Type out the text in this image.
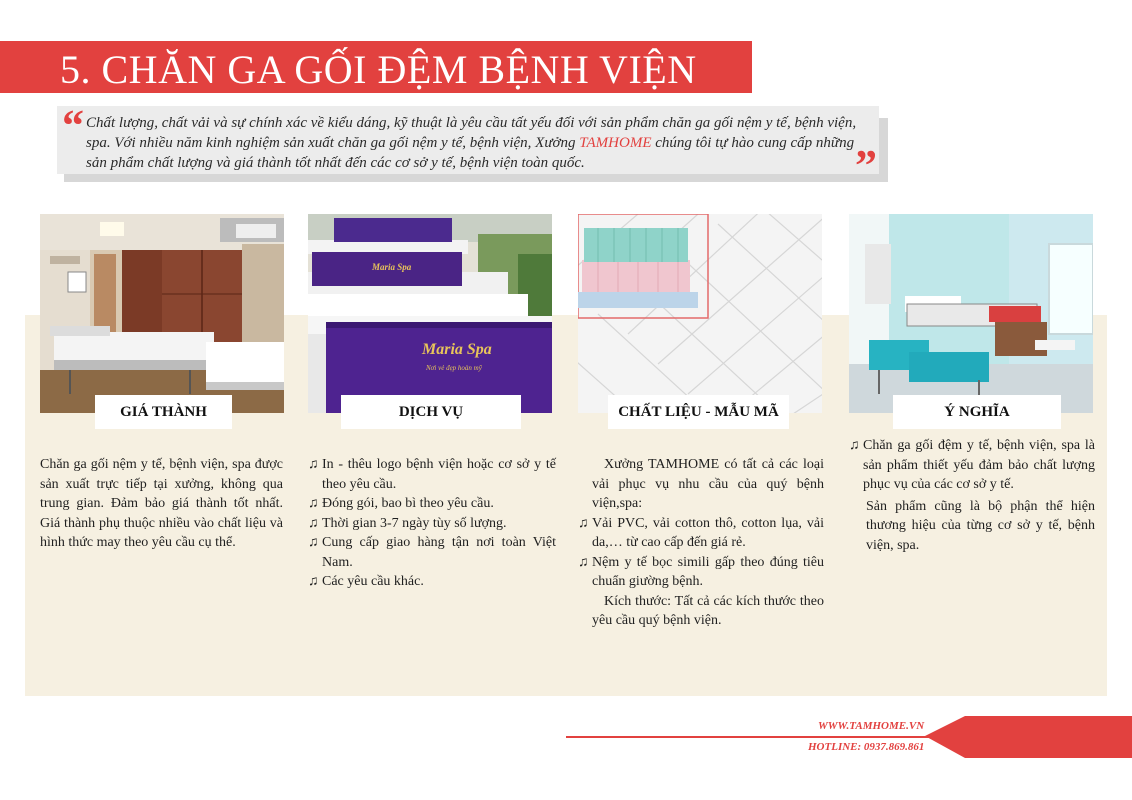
5. CHĂN GA GỐI ĐỆM BỆNH VIỆN
“ Chất lượng, chất vải và sự chính xác về kiểu dáng, kỹ thuật là yêu cầu tất yếu đối với sản phẩm chăn ga gối nệm y tế, bệnh viện, spa. Với nhiều năm kinh nghiệm sản xuất chăn ga gối nệm y tế, bệnh viện, Xưởng TAMHOME chúng tôi tự hào cung cấp những sản phẩm chất lượng và giá thành tốt nhất đến các cơ sở y tế, bệnh viện toàn quốc.	”
Maria Spa
Maria Spa
Nơi vẻ đẹp hoàn mỹ
GIÁ THÀNH	DỊCH VỤ	CHẤT LIỆU - MẪU MÃ	Ý NGHĨA

Chăn ga gối nệm y tế, bệnh viện, spa được sản xuất trực tiếp tại xưởng, không qua trung gian. Đảm bảo giá thành tốt nhất. Giá thành phụ thuộc nhiều vào chất liệu và hình thức may theo yêu cầu cụ thể.

♫ In - thêu logo bệnh viện hoặc cơ sở y tế theo yêu cầu.

♫ Đóng gói, bao bì theo yêu cầu.

♫ Thời gian 3-7 ngày tùy số lượng.

♫ Cung cấp giao hàng tận nơi toàn Việt Nam.

♫ Các yêu cầu khác.

Xưởng TAMHOME có tất cả các loại vải phục vụ nhu cầu của quý bệnh viện,spa:

♫ Vải PVC, vải cotton thô, cotton lụa, vải da,… từ cao cấp đến giá rẻ.

♫ Nệm y tế bọc simili gấp theo đúng tiêu chuẩn giường bệnh.

Kích thước: Tất cả các kích thước theo yêu cầu quý bệnh viện.

♫ Chăn ga gối đệm y tế, bệnh viện, spa là sản phẩm thiết yếu đảm bảo chất lượng phục vụ của các cơ sở y tế.

Sản phẩm cũng là bộ phận thể hiện thương hiệu của từng cơ sở y tế, bệnh viện, spa.

WWW.TAMHOME.VN
HOTLINE: 0937.869.861
